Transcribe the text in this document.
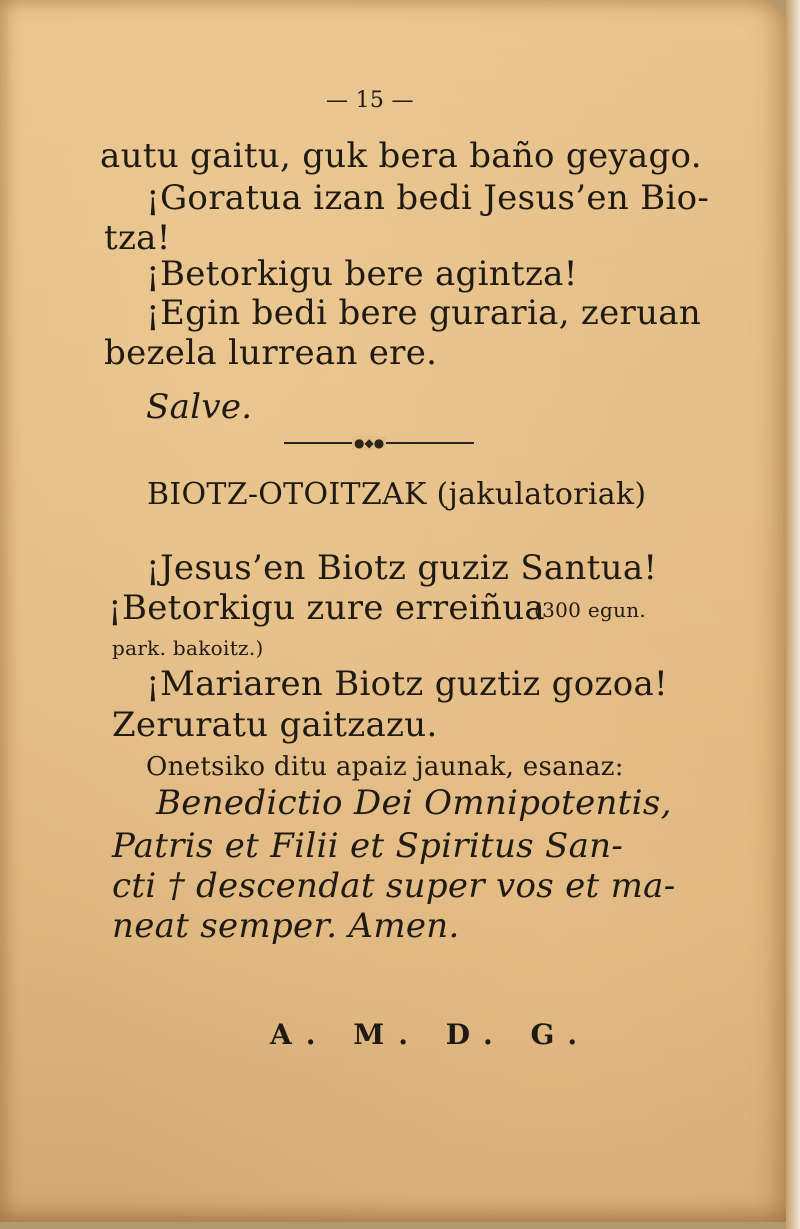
— 15 —
autu gaitu, guk bera baño geyago.
¡Goratua izan bedi Jesus’en Bio-
tza!
¡Betorkigu bere agintza!
¡Egin bedi bere guraria, zeruan
bezela lurrean ere.
Salve.
●◆●
BIOTZ-OTOITZAK (jakulatoriak)
¡Jesus’en Biotz guziz Santua!
¡Betorkigu zure erreiñua
(300 egun.
park. bakoitz.)
¡Mariaren Biotz guztiz gozoa!
Zeruratu gaitzazu.
Onetsiko ditu apaiz jaunak, esanaz:
Benedictio Dei Omnipotentis,
Patris et Filii et Spiritus San-
cti † descendat super vos et ma-
neat semper. Amen.
A. M. D. G.
